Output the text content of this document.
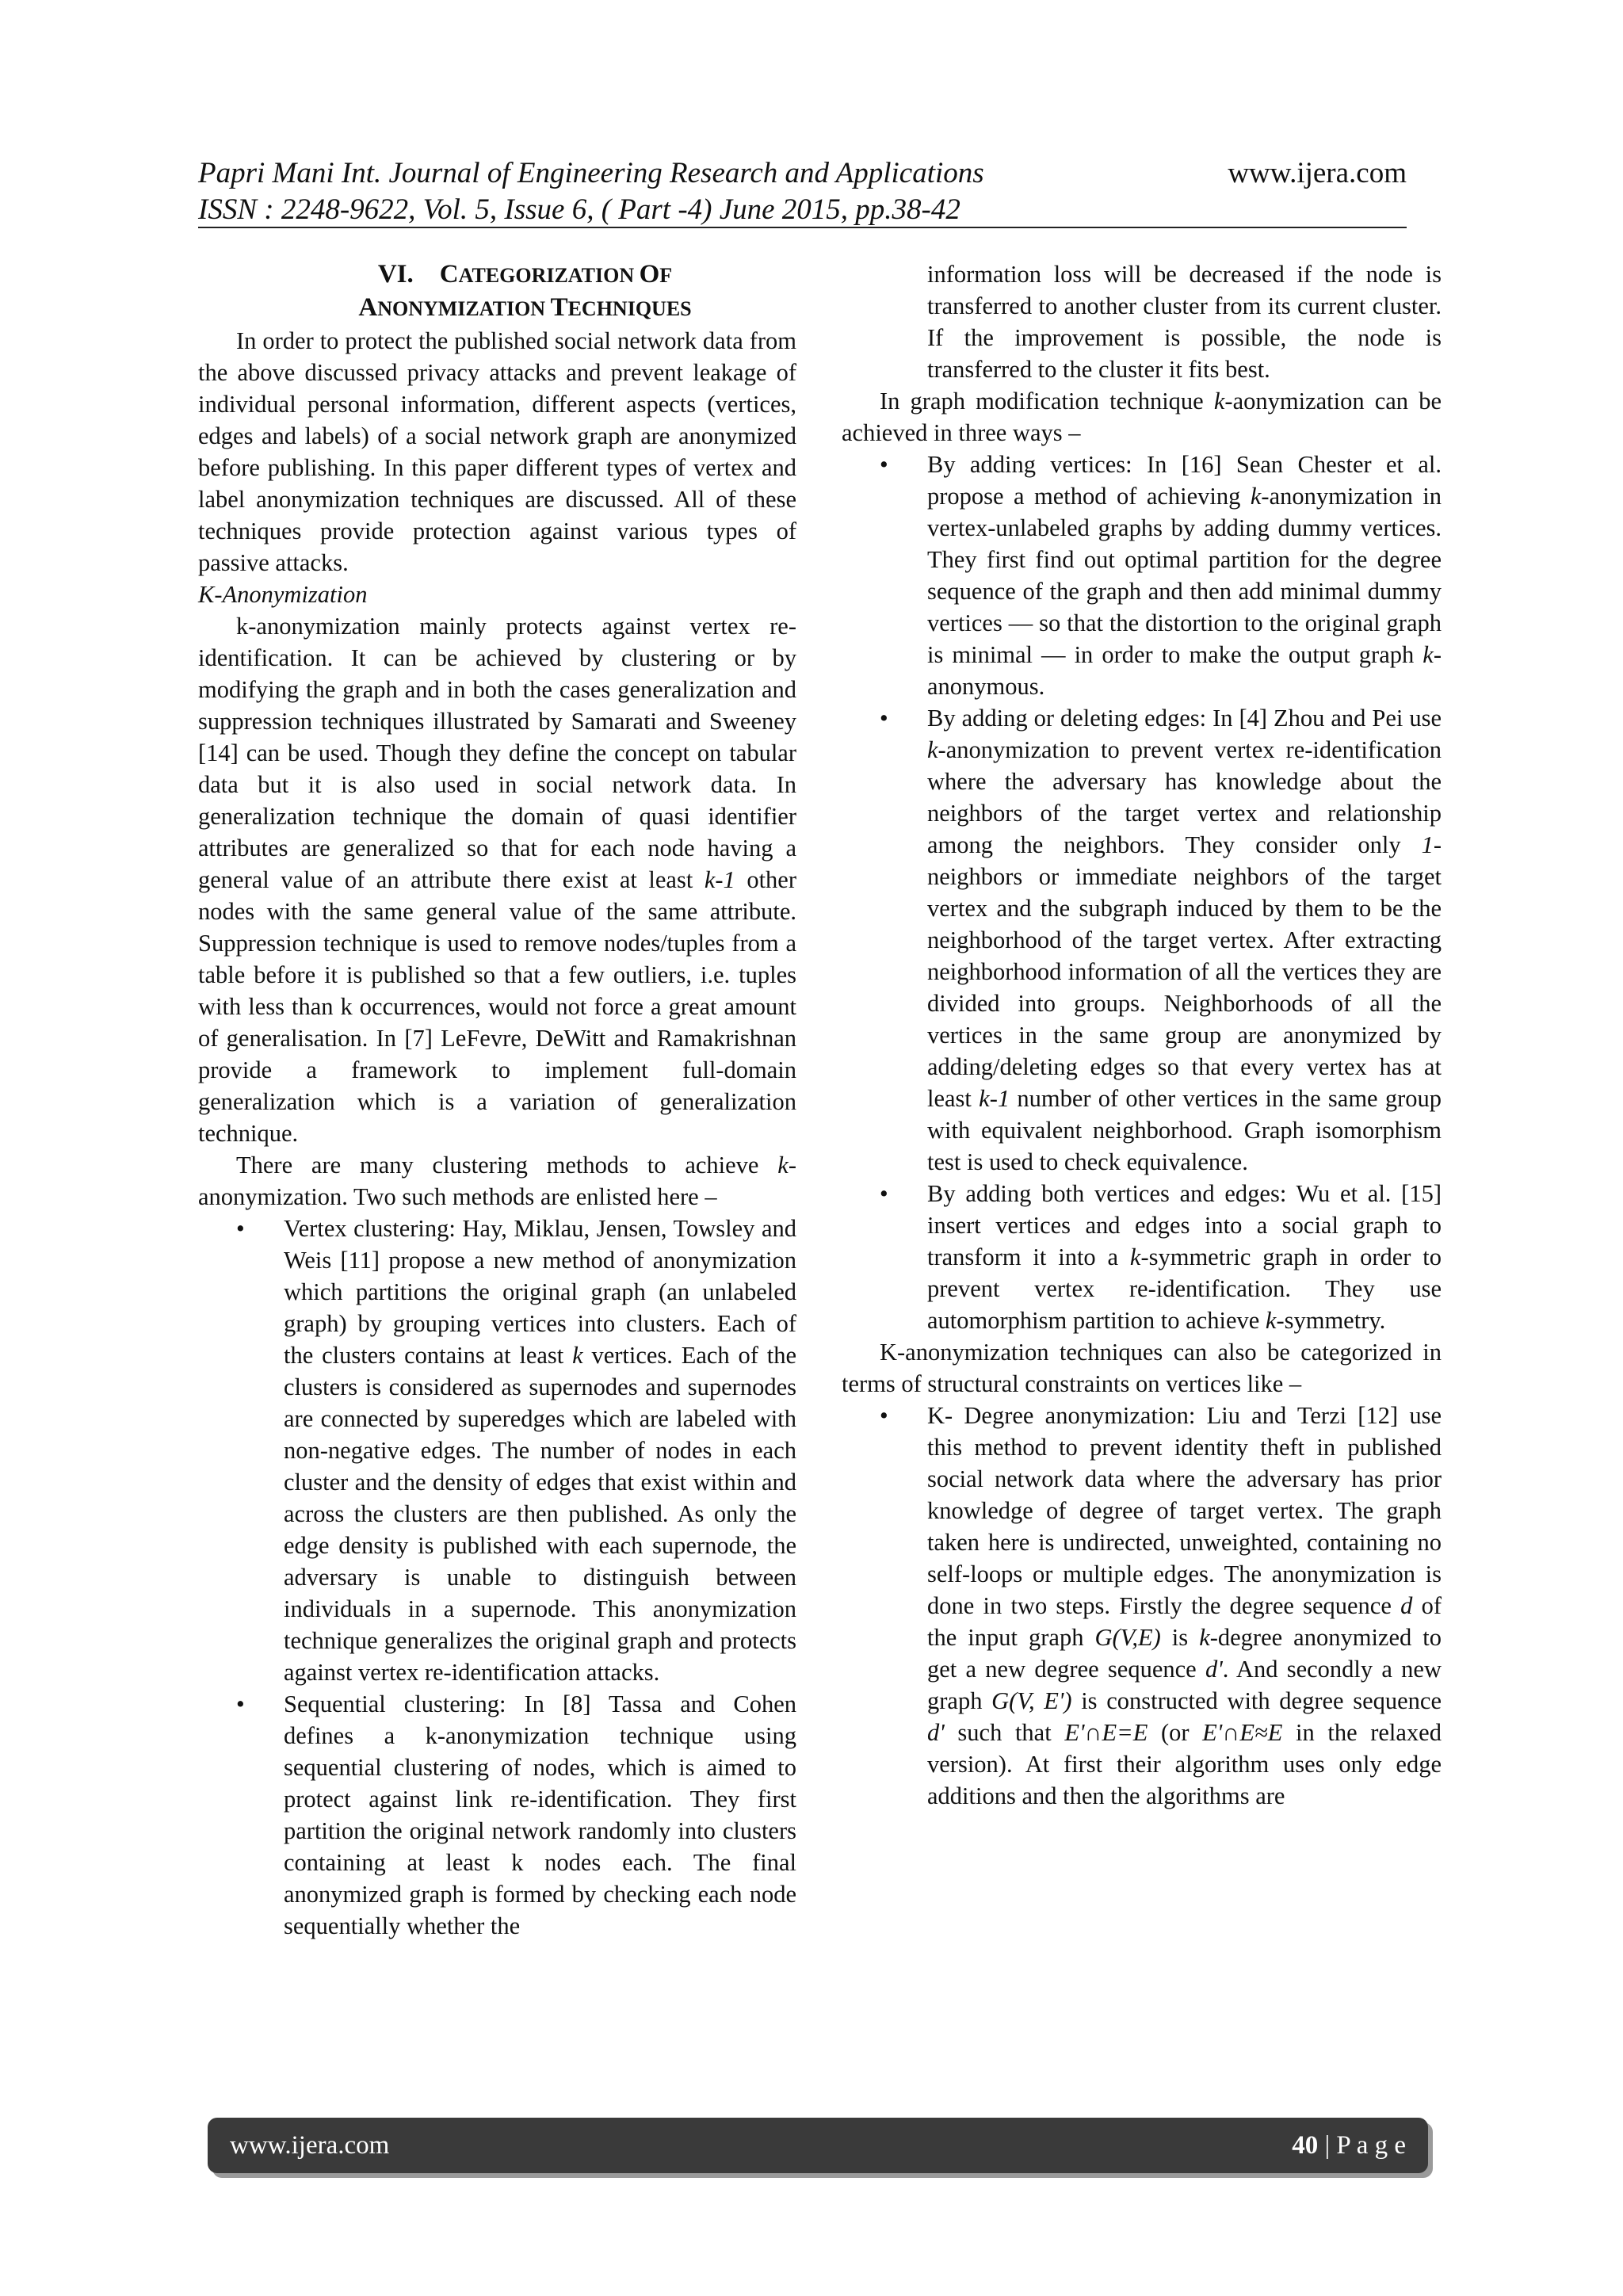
Papri Mani Int. Journal of Engineering Research and Applications	www.ijera.com
ISSN : 2248-9622, Vol. 5, Issue 6, ( Part -4) June 2015, pp.38-42
VI. CATEGORIZATION OF
ANONYMIZATION TECHNIQUES

In order to protect the published social network data from the above discussed privacy attacks and prevent leakage of individual personal information, different aspects (vertices, edges and labels) of a social network graph are anonymized before publishing. In this paper different types of vertex and label anonymization techniques are discussed. All of these techniques provide protection against various types of passive attacks.

K-Anonymization

k-anonymization mainly protects against vertex re-identification. It can be achieved by clustering or by modifying the graph and in both the cases generalization and suppression techniques illustrated by Samarati and Sweeney [14] can be used. Though they define the concept on tabular data but it is also used in social network data. In generalization technique the domain of quasi identifier attributes are generalized so that for each node having a general value of an attribute there exist at least k-1 other nodes with the same general value of the same attribute. Suppression technique is used to remove nodes/tuples from a table before it is published so that a few outliers, i.e. tuples with less than k occurrences, would not force a great amount of generalisation. In [7] LeFevre, DeWitt and Ramakrishnan provide a framework to implement full-domain generalization which is a variation of generalization technique.

There are many clustering methods to achieve k-anonymization. Two such methods are enlisted here –

• Vertex clustering: Hay, Miklau, Jensen, Towsley and Weis [11] propose a new method of anonymization which partitions the original graph (an unlabeled graph) by grouping vertices into clusters. Each of the clusters contains at least k vertices. Each of the clusters is considered as supernodes and supernodes are connected by superedges which are labeled with non-negative edges. The number of nodes in each cluster and the density of edges that exist within and across the clusters are then published. As only the edge density is published with each supernode, the adversary is unable to distinguish between individuals in a supernode. This anonymization technique generalizes the original graph and protects against vertex re-identification attacks.
• Sequential clustering: In [8] Tassa and Cohen defines a k-anonymization technique using sequential clustering of nodes, which is aimed to protect against link re-identification. They first partition the original network randomly into clusters containing at least k nodes each. The final anonymized graph is formed by checking each node sequentially whether the

information loss will be decreased if the node is transferred to another cluster from its current cluster. If the improvement is possible, the node is transferred to the cluster it fits best.

In graph modification technique k-aonymization can be achieved in three ways –

• By adding vertices: In [16] Sean Chester et al. propose a method of achieving k-anonymization in vertex-unlabeled graphs by adding dummy vertices. They first find out optimal partition for the degree sequence of the graph and then add minimal dummy vertices — so that the distortion to the original graph is minimal — in order to make the output graph k-anonymous.
• By adding or deleting edges: In [4] Zhou and Pei use k-anonymization to prevent vertex re-identification where the adversary has knowledge about the neighbors of the target vertex and relationship among the neighbors. They consider only 1-neighbors or immediate neighbors of the target vertex and the subgraph induced by them to be the neighborhood of the target vertex. After extracting neighborhood information of all the vertices they are divided into groups. Neighborhoods of all the vertices in the same group are anonymized by adding/deleting edges so that every vertex has at least k-1 number of other vertices in the same group with equivalent neighborhood. Graph isomorphism test is used to check equivalence.
• By adding both vertices and edges: Wu et al. [15] insert vertices and edges into a social graph to transform it into a k-symmetric graph in order to prevent vertex re-identification. They use automorphism partition to achieve k-symmetry.

K-anonymization techniques can also be categorized in terms of structural constraints on vertices like –

• K- Degree anonymization: Liu and Terzi [12] use this method to prevent identity theft in published social network data where the adversary has prior knowledge of degree of target vertex. The graph taken here is undirected, unweighted, containing no self-loops or multiple edges. The anonymization is done in two steps. Firstly the degree sequence d of the input graph G(V,E) is k-degree anonymized to get a new degree sequence d'. And secondly a new graph G(V, E') is constructed with degree sequence d' such that E'∩E=E (or E'∩E≈E in the relaxed version). At first their algorithm uses only edge additions and then the algorithms are
www.ijera.com	40 | P a g e
